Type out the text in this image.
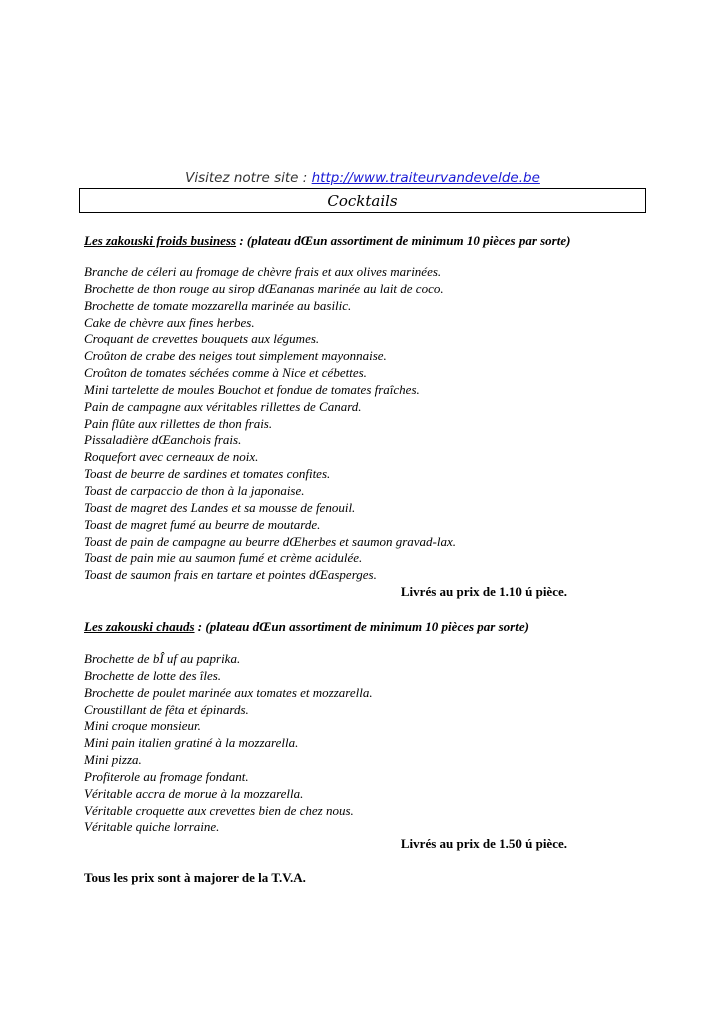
Visitez notre site : http://www.traiteurvandevelde.be
Cocktails
Les zakouski froids business : (plateau dŒun assortiment de minimum 10 pièces par sorte)
Branche de céleri au fromage de chèvre frais et aux olives marinées.
Brochette de thon rouge au sirop dŒananas marinée au lait de coco.
Brochette de tomate mozzarella marinée au basilic.
Cake de chèvre aux fines herbes.
Croquant de crevettes bouquets aux légumes.
Croûton de crabe des neiges tout simplement mayonnaise.
Croûton de tomates séchées comme à Nice et cébettes.
Mini tartelette de moules Bouchot et fondue de tomates fraîches.
Pain de campagne aux véritables rillettes de Canard.
Pain flûte aux rillettes de thon frais.
Pissaladière dŒanchois frais.
Roquefort avec cerneaux de noix.
Toast de beurre de sardines et tomates confites.
Toast de carpaccio de thon à la japonaise.
Toast de magret des Landes et sa mousse de fenouil.
Toast de magret fumé au beurre de moutarde.
Toast de pain de campagne au beurre dŒherbes et saumon gravad-lax.
Toast de pain mie au saumon fumé et crème acidulée.
Toast de saumon frais en tartare et pointes dŒasperges.
Livrés au prix de 1.10 ú pièce.
Les zakouski chauds : (plateau dŒun assortiment de minimum 10 pièces par sorte)
Brochette de bÎ uf au paprika.
Brochette de lotte des îles.
Brochette de poulet marinée aux tomates et mozzarella.
Croustillant de fêta et épinards.
Mini croque monsieur.
Mini pain italien gratiné à la mozzarella.
Mini pizza.
Profiterole au fromage fondant.
Véritable accra de morue à la mozzarella.
Véritable croquette aux crevettes bien de chez nous.
Véritable quiche lorraine.
Livrés au prix de 1.50 ú pièce.
Tous les prix sont à majorer de la T.V.A.
